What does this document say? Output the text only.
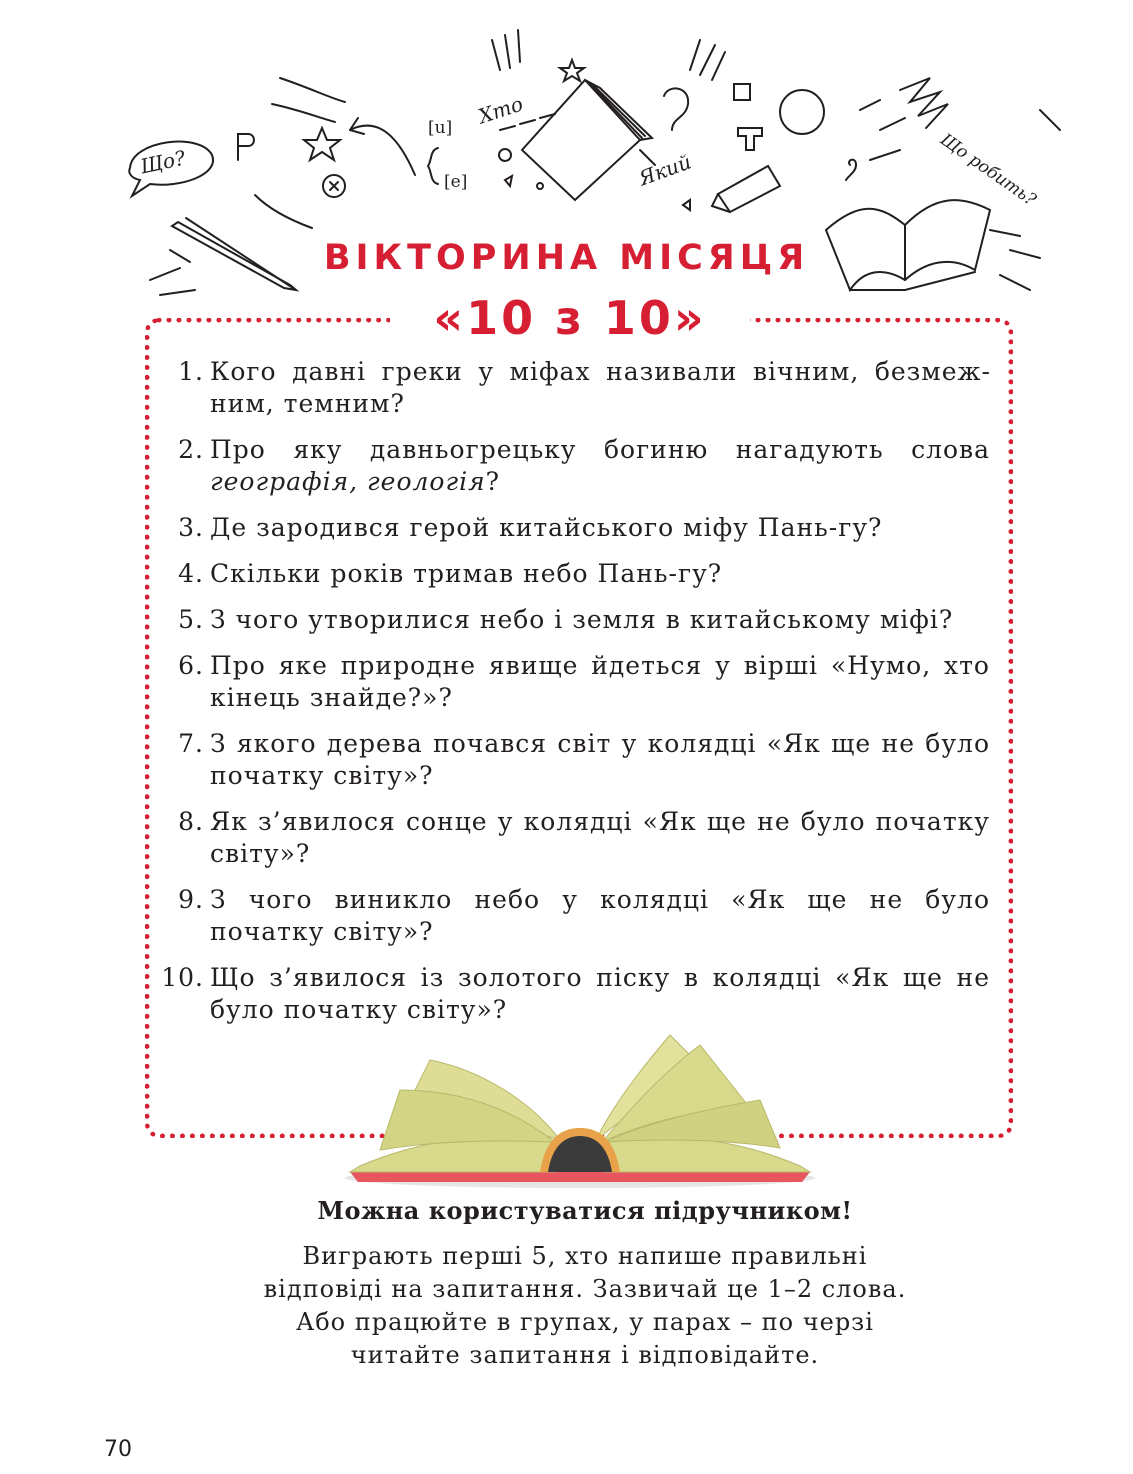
Що?
Хто
Який	Що робить?
[u]
[e]
ВІКТОРИНА МІСЯЦЯ
«10 з 10»
1. Кого давні греки у міфах називали вічним, безмежним, темним?
2. Про яку давньогрецьку богиню нагадують слова географія, геологія?
3. Де зародився герой китайського міфу Пань-гу?
4. Скільки років тримав небо Пань-гу?
5. З чого утворилися небо і земля в китайському міфі?
6. Про яке природне явище йдеться у вірші «Нумо, хто кінець знайде?»?
7. З якого дерева почався світ у колядці «Як ще не було початку світу»?
8. Як з’явилося сонце у колядці «Як ще не було початку світу»?
9. З чого виникло небо у колядці «Як ще не було початку світу»?
10. Що з’явилося із золотого піску в колядці «Як ще не було початку світу»?
Можна користуватися підручником!
Виграють перші 5, хто напише правильні
відповіді на запитання. Зазвичай це 1–2 слова.
Або працюйте в групах, у парах – по черзі
читайте запитання і відповідайте.
70
